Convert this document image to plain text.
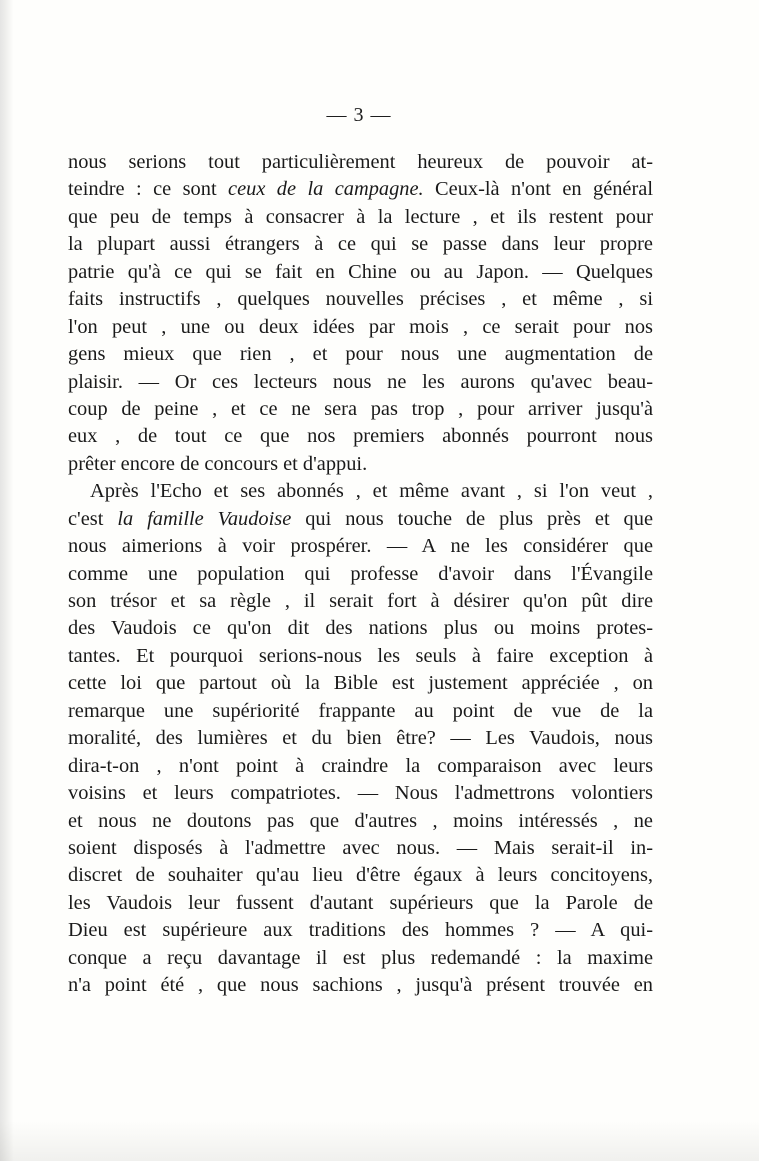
— 3 —
nous serions tout particulièrement heureux de pouvoir at-
teindre : ce sont ceux de la campagne. Ceux-là n'ont en général
que peu de temps à consacrer à la lecture , et ils restent pour
la plupart aussi étrangers à ce qui se passe dans leur propre
patrie qu'à ce qui se fait en Chine ou au Japon. — Quelques
faits instructifs , quelques nouvelles précises , et même , si
l'on peut , une ou deux idées par mois , ce serait pour nos
gens mieux que rien , et pour nous une augmentation de
plaisir. — Or ces lecteurs nous ne les aurons qu'avec beau-
coup de peine , et ce ne sera pas trop , pour arriver jusqu'à
eux , de tout ce que nos premiers abonnés pourront nous
prêter encore de concours et d'appui.
Après l'Echo et ses abonnés , et même avant , si l'on veut ,
c'est la famille Vaudoise qui nous touche de plus près et que
nous aimerions à voir prospérer. — A ne les considérer que
comme une population qui professe d'avoir dans l'Évangile
son trésor et sa règle , il serait fort à désirer qu'on pût dire
des Vaudois ce qu'on dit des nations plus ou moins protes-
tantes. Et pourquoi serions-nous les seuls à faire exception à
cette loi que partout où la Bible est justement appréciée , on
remarque une supériorité frappante au point de vue de la
moralité, des lumières et du bien être? — Les Vaudois, nous
dira-t-on , n'ont point à craindre la comparaison avec leurs
voisins et leurs compatriotes. — Nous l'admettrons volontiers
et nous ne doutons pas que d'autres , moins intéressés , ne
soient disposés à l'admettre avec nous. — Mais serait-il in-
discret de souhaiter qu'au lieu d'être égaux à leurs concitoyens,
les Vaudois leur fussent d'autant supérieurs que la Parole de
Dieu est supérieure aux traditions des hommes ? — A qui-
conque a reçu davantage il est plus redemandé : la maxime
n'a point été , que nous sachions , jusqu'à présent trouvée en
